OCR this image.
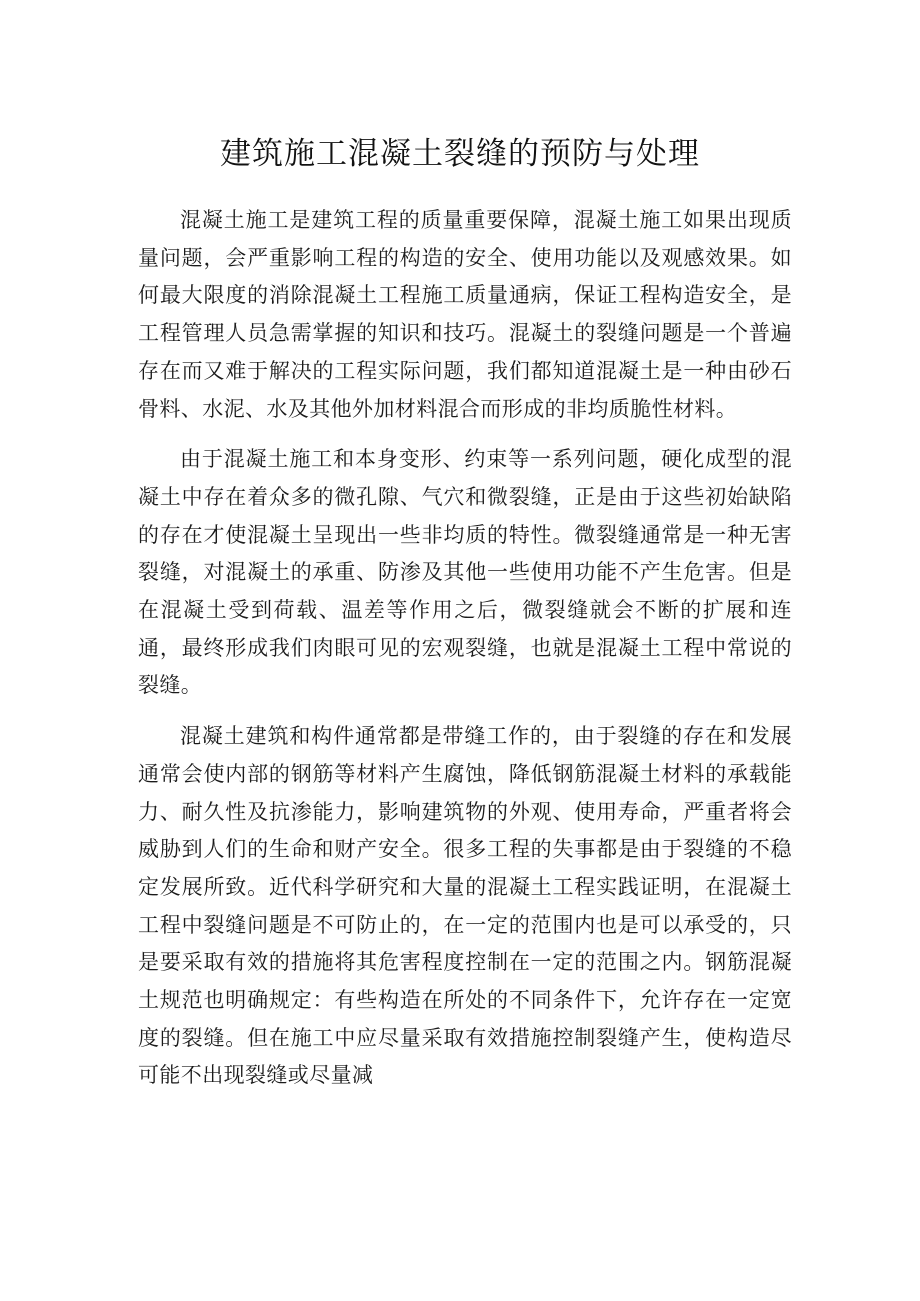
建筑施工混凝土裂缝的预防与处理

混凝土施工是建筑工程的质量重要保障，混凝土施工如果出现质量问题，会严重影响工程的构造的安全、使用功能以及观感效果。如何最大限度的消除混凝土工程施工质量通病，保证工程构造安全，是工程管理人员急需掌握的知识和技巧。混凝土的裂缝问题是一个普遍存在而又难于解决的工程实际问题，我们都知道混凝土是一种由砂石骨料、水泥、水及其他外加材料混合而形成的非均质脆性材料。

由于混凝土施工和本身变形、约束等一系列问题，硬化成型的混凝土中存在着众多的微孔隙、气穴和微裂缝，正是由于这些初始缺陷的存在才使混凝土呈现出一些非均质的特性。微裂缝通常是一种无害裂缝，对混凝土的承重、防渗及其他一些使用功能不产生危害。但是在混凝土受到荷载、温差等作用之后，微裂缝就会不断的扩展和连通，最终形成我们肉眼可见的宏观裂缝，也就是混凝土工程中常说的裂缝。

混凝土建筑和构件通常都是带缝工作的，由于裂缝的存在和发展通常会使内部的钢筋等材料产生腐蚀，降低钢筋混凝土材料的承载能力、耐久性及抗渗能力，影响建筑物的外观、使用寿命，严重者将会威胁到人们的生命和财产安全。很多工程的失事都是由于裂缝的不稳定发展所致。近代科学研究和大量的混凝土工程实践证明，在混凝土工程中裂缝问题是不可防止的，在一定的范围内也是可以承受的，只是要采取有效的措施将其危害程度控制在一定的范围之内。钢筋混凝土规范也明确规定：有些构造在所处的不同条件下，允许存在一定宽度的裂缝。但在施工中应尽量采取有效措施控制裂缝产生，使构造尽可能不出现裂缝或尽量减
